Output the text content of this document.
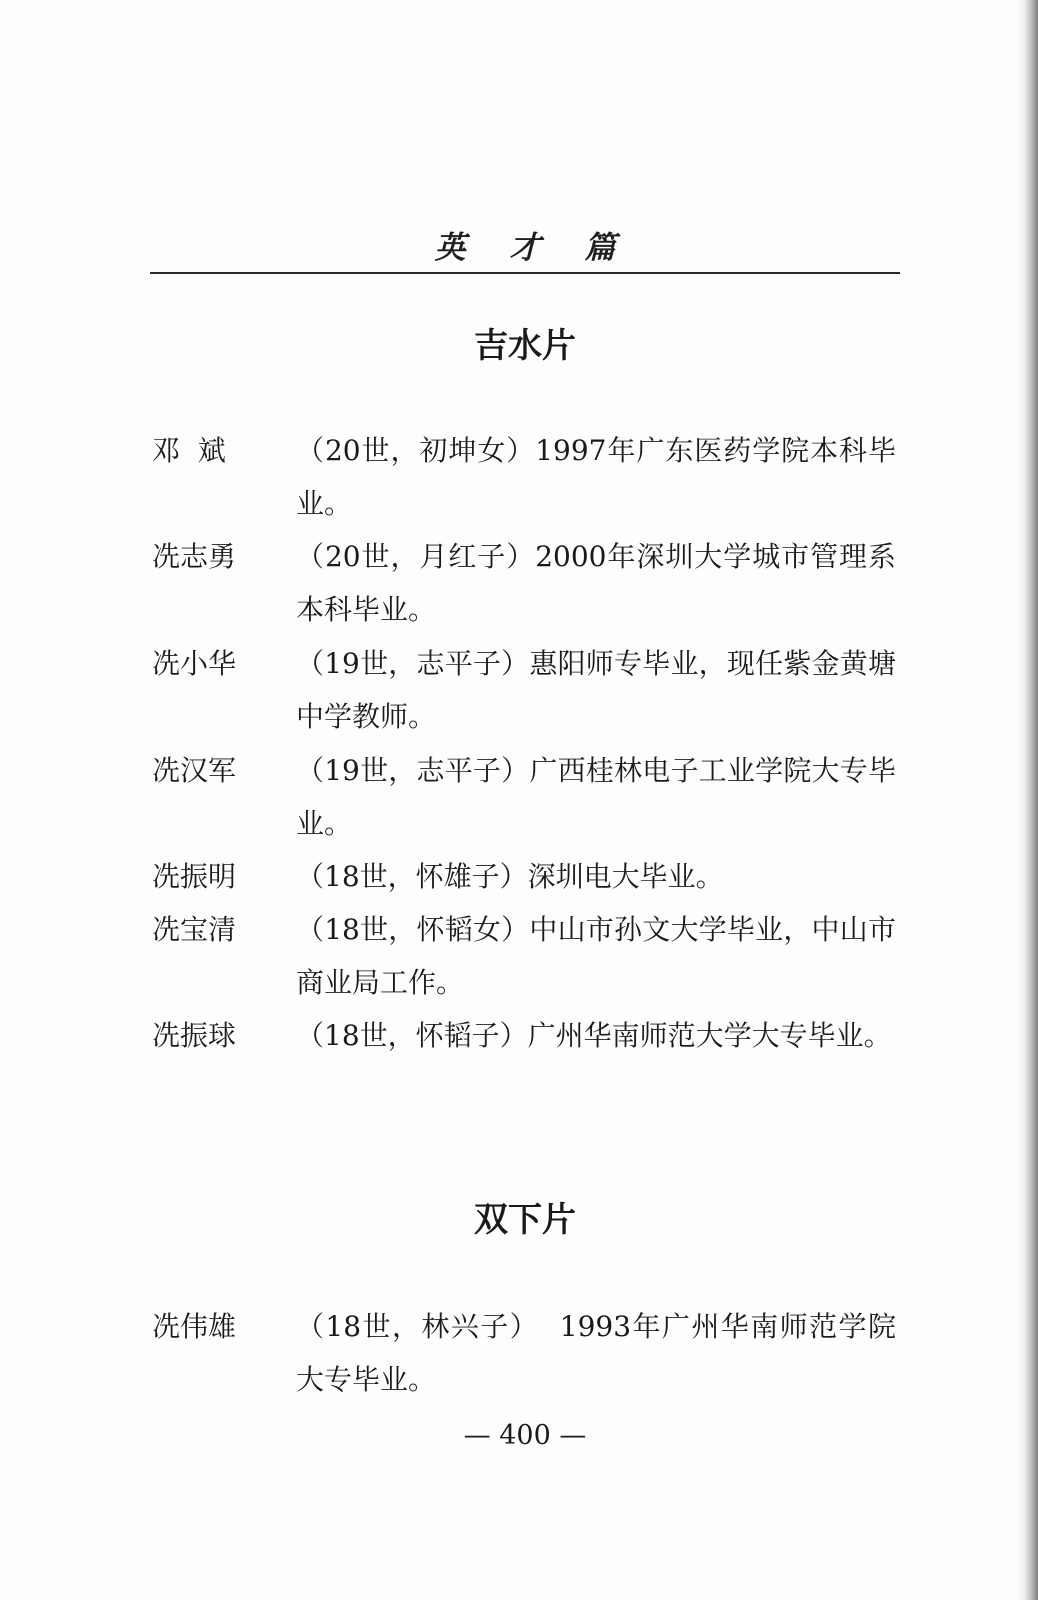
英才篇
吉水片
邓  斌	（20世，初坤女）1997年广东医药学院本科毕业。
冼志勇	（20世，月红子）2000年深圳大学城市管理系本科毕业。
冼小华	（19世，志平子）惠阳师专毕业，现任紫金黄塘中学教师。
冼汉军	（19世，志平子）广西桂林电子工业学院大专毕业。
冼振明	（18世，怀雄子）深圳电大毕业。
冼宝清	（18世，怀韬女）中山市孙文大学毕业，中山市商业局工作。
冼振球	（18世，怀韬子）广州华南师范大学大专毕业。
双下片
冼伟雄	（18世，林兴子）  1993年广州华南师范学院大专毕业。
— 400 —
